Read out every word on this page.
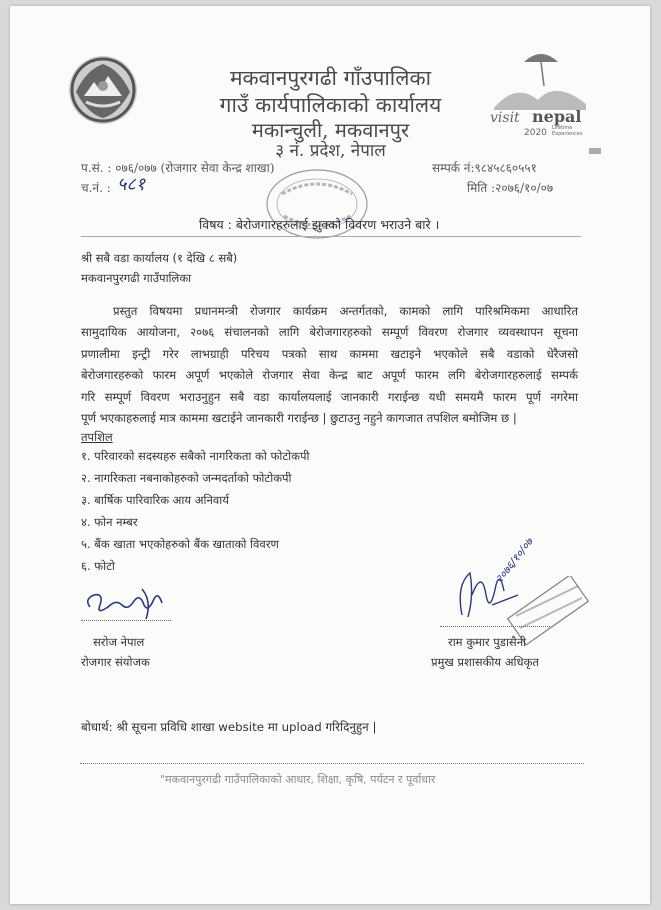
मकवानपुरगढी गाँउपालिका
गाउँ कार्यपालिकाको कार्यालय
मकान्चुली, मकवानपुर
३ नं. प्रदेश, नेपाल
visit nepal
2020 Lifetime
Experiences
प.सं. : ०७६/०७७ (रोजगार सेवा केन्द्र शाखा)	सम्पर्क नं:९८४५८६०५५१
च.नं. : ५८१	मिति :२०७६/१०/०७
विषय : बेरोजगारहरुलाई झुक्को विवरण भराउने बारे ।
श्री सबै वडा कार्यालय (१ देखि ८ सबै)
मकवानपुरगढी गाउँपालिका
प्रस्तुत विषयमा प्रधानमन्त्री रोजगार कार्यक्रम अन्तर्गतको, कामको लागि पारिश्रमिकमा आधारित
सामुदायिक आयोजना, २०७६ संचालनको लागि बेरोजगारहरुको सम्पूर्ण विवरण रोजगार व्यवस्थापन सूचना
प्रणालीमा इन्ट्री गरेर लाभग्राही परिचय पत्रको साथ काममा खटाइने भएकोले सबै वडाको धेरैजसो
बेरोजगारहरुको फारम अपूर्ण भएकोले रोजगार सेवा केन्द्र बाट अपूर्ण फारम लगि बेरोजगारहरुलाई सम्पर्क
गरि सम्पूर्ण विवरण भराउनुहुन सबै वडा कार्यालयलाई जानकारी गराईन्छ यधी समयमै फारम पूर्ण नगरेमा
पूर्ण भएकाहरुलाई मात्र काममा खटाईने जानकारी गराईन्छ | छुटाउनु नहुने कागजात तपशिल बमोजिम छ |
तपशिल
१. परिवारको सदस्यहरु सबैको नागरिकता को फोटोकपी
२. नागरिकता नबनाकोहरुको जन्मदर्ताको फोटोकपी
३. बार्षिक पारिवारिक आय अनिवार्य
४. फोन नम्बर
५. बैंक खाता भएकोहरुको बैंक खाताको विवरण
६. फोटो
सरोज नेपाल
रोजगार संयोजक
२०७६/१०/०७
राम कुमार पुडासैनी
प्रमुख प्रशासकीय अधिकृत
बोधार्थ: श्री सूचना प्रविधि शाखा website मा upload गरिदिनुहुन |
"मकवानपुरगढी गाउँपालिकाको आधार, शिक्षा, कृषि, पर्यटन र पूर्वाधार
